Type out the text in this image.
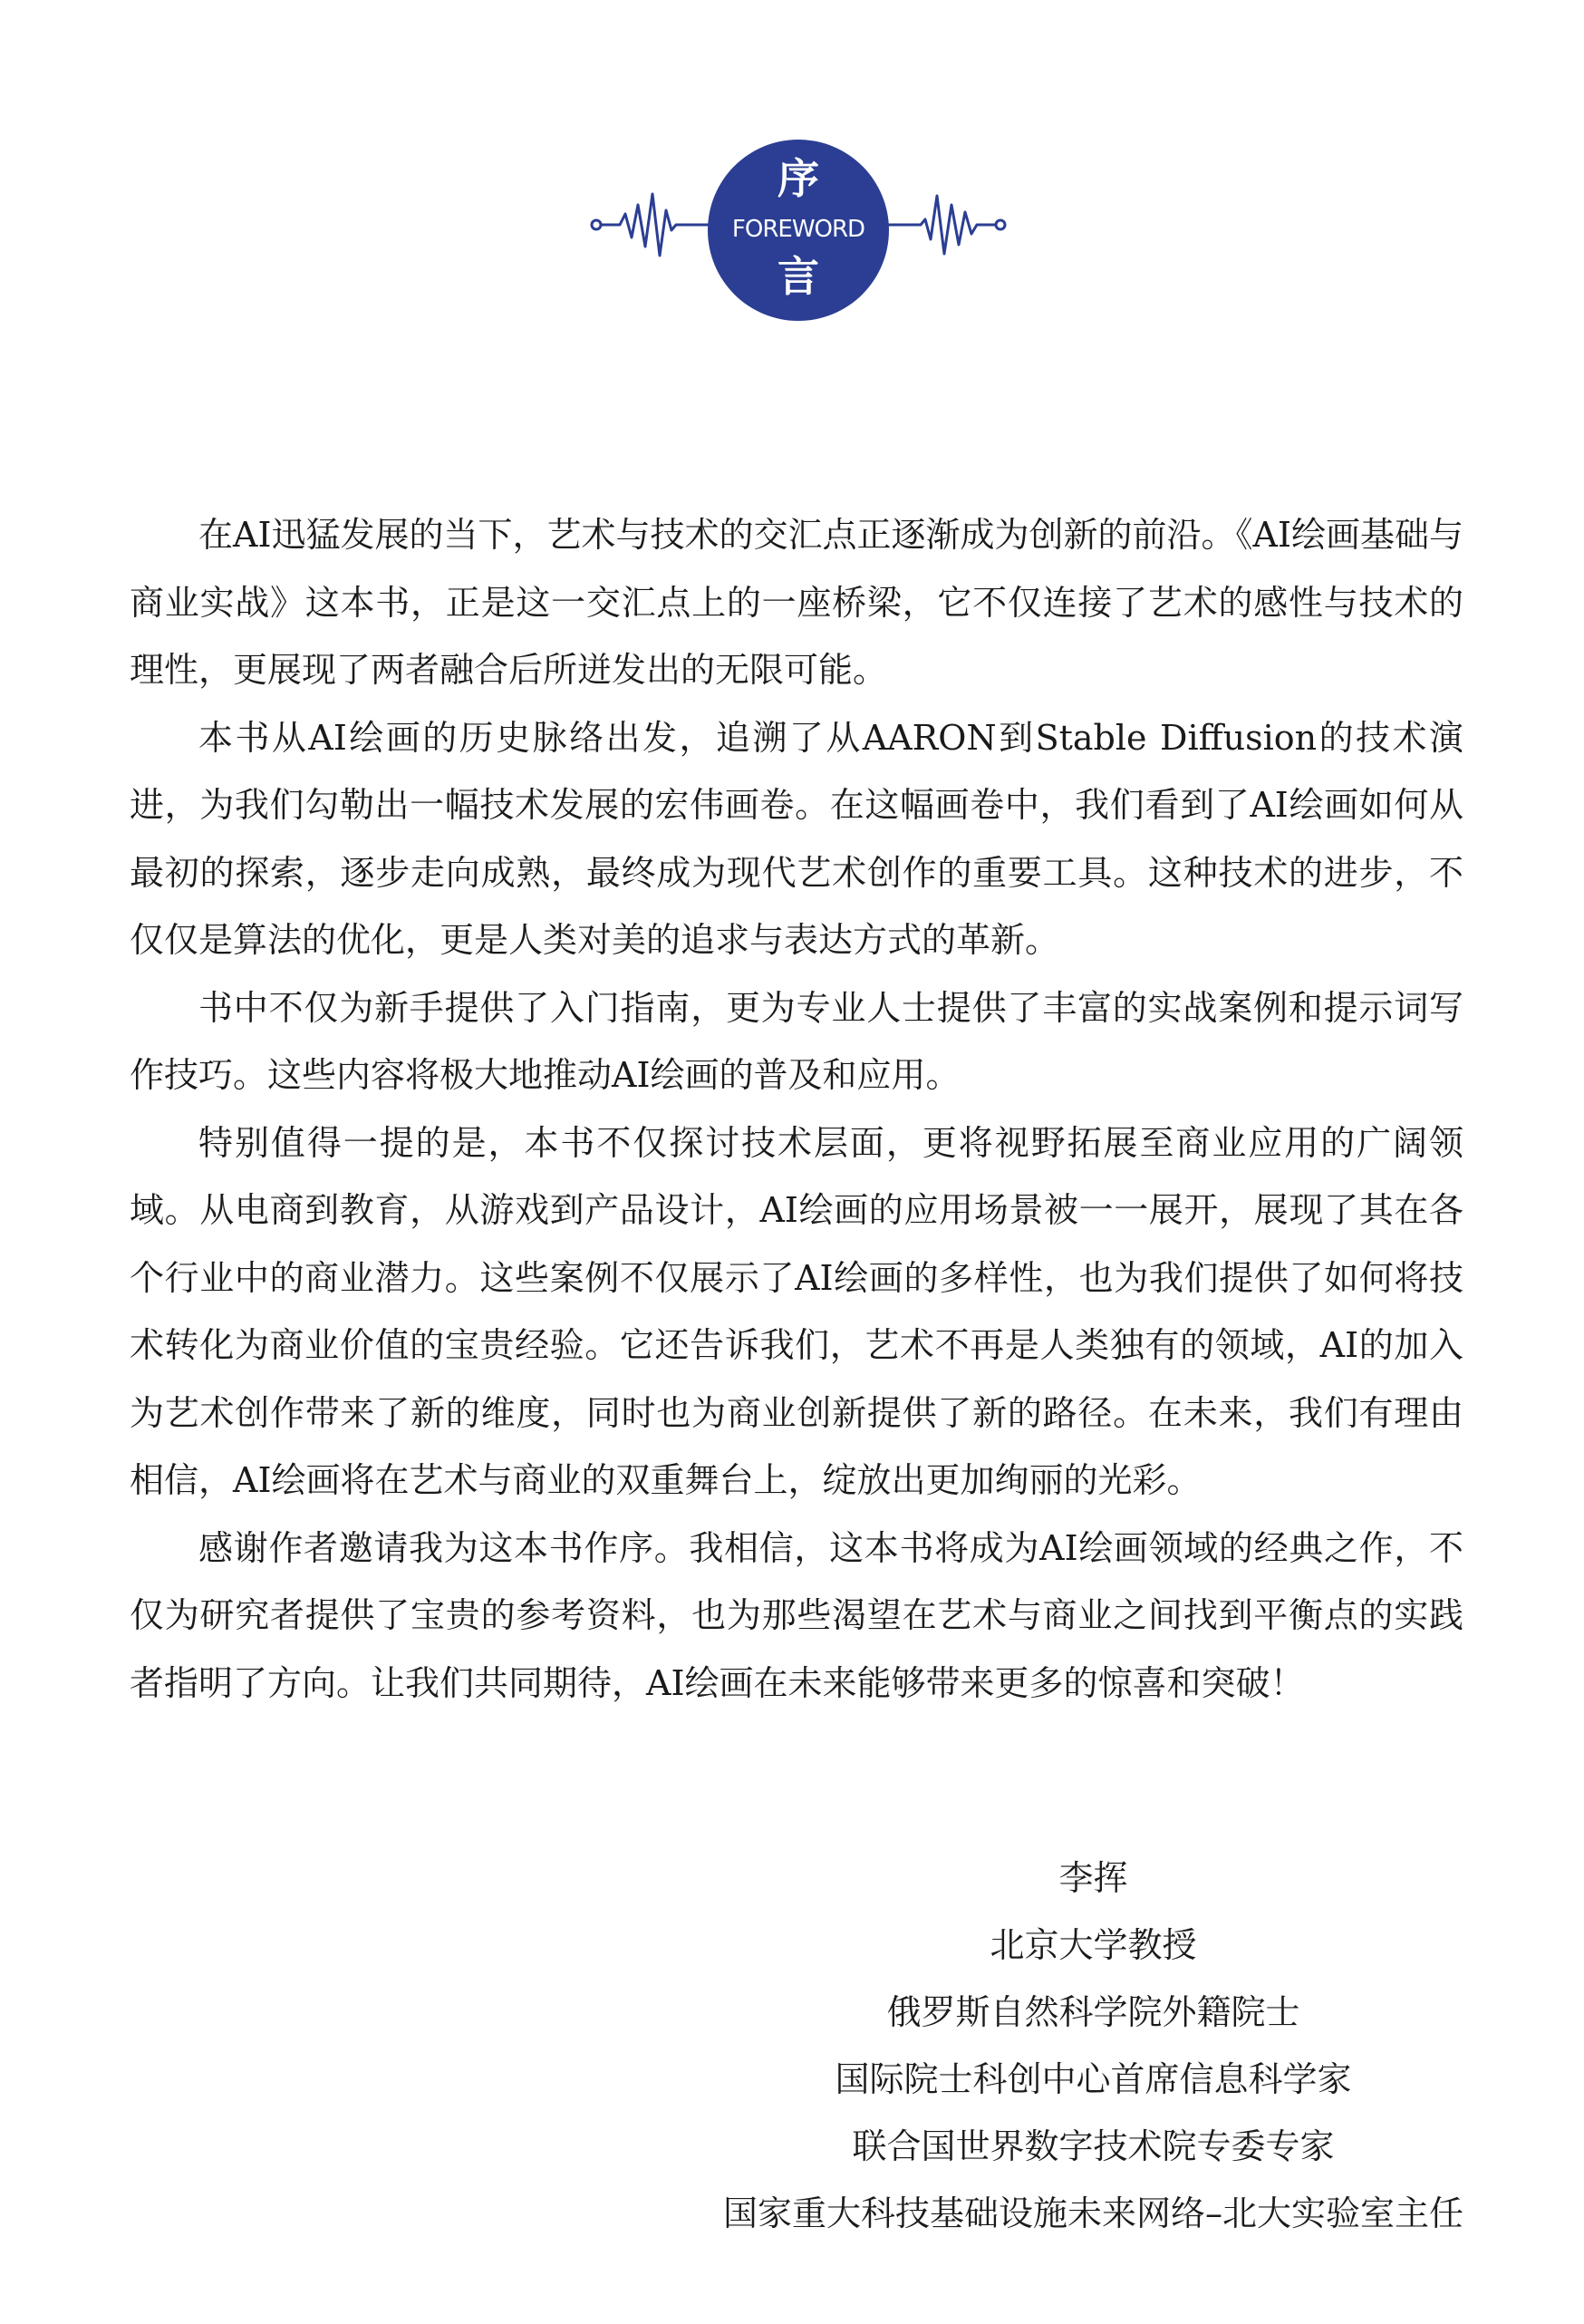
序
FOREWORD
言

在AI迅猛发展的当下，艺术与技术的交汇点正逐渐成为创新的前沿。《AI绘画基础与商业实战》这本书，正是这一交汇点上的一座桥梁，它不仅连接了艺术的感性与技术的理性，更展现了两者融合后所迸发出的无限可能。

本书从AI绘画的历史脉络出发，追溯了从AARON到Stable Diffusion的技术演进，为我们勾勒出一幅技术发展的宏伟画卷。在这幅画卷中，我们看到了AI绘画如何从最初的探索，逐步走向成熟，最终成为现代艺术创作的重要工具。这种技术的进步，不仅仅是算法的优化，更是人类对美的追求与表达方式的革新。

书中不仅为新手提供了入门指南，更为专业人士提供了丰富的实战案例和提示词写作技巧。这些内容将极大地推动AI绘画的普及和应用。

特别值得一提的是，本书不仅探讨技术层面，更将视野拓展至商业应用的广阔领域。从电商到教育，从游戏到产品设计，AI绘画的应用场景被一一展开，展现了其在各个行业中的商业潜力。这些案例不仅展示了AI绘画的多样性，也为我们提供了如何将技术转化为商业价值的宝贵经验。它还告诉我们，艺术不再是人类独有的领域，AI的加入为艺术创作带来了新的维度，同时也为商业创新提供了新的路径。在未来，我们有理由相信，AI绘画将在艺术与商业的双重舞台上，绽放出更加绚丽的光彩。

感谢作者邀请我为这本书作序。我相信，这本书将成为AI绘画领域的经典之作，不仅为研究者提供了宝贵的参考资料，也为那些渴望在艺术与商业之间找到平衡点的实践者指明了方向。让我们共同期待，AI绘画在未来能够带来更多的惊喜和突破！

李挥
北京大学教授
俄罗斯自然科学院外籍院士
国际院士科创中心首席信息科学家
联合国世界数字技术院专委专家
国家重大科技基础设施未来网络–北大实验室主任
